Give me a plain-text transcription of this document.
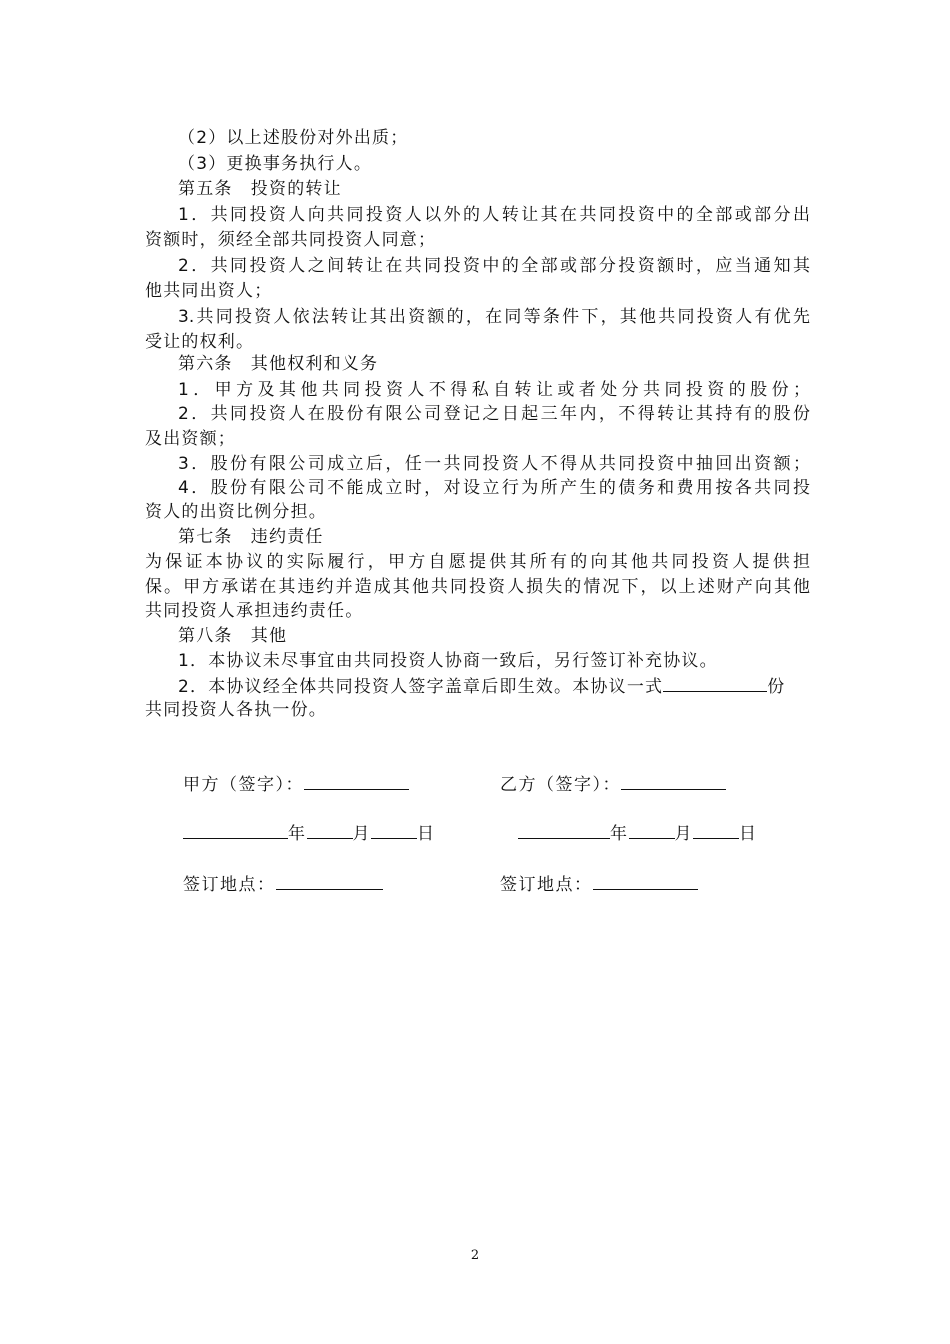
（2）以上述股份对外出质；
（3）更换事务执行人。
第五条　投资的转让
1．共同投资人向共同投资人以外的人转让其在共同投资中的全部或部分出
资额时，须经全部共同投资人同意；
2．共同投资人之间转让在共同投资中的全部或部分投资额时，应当通知其
他共同出资人；
3.共同投资人依法转让其出资额的，在同等条件下，其他共同投资人有优先
受让的权利。
第六条　其他权利和义务
1．甲方及其他共同投资人不得私自转让或者处分共同投资的股份；
2．共同投资人在股份有限公司登记之日起三年内，不得转让其持有的股份
及出资额；
3．股份有限公司成立后，任一共同投资人不得从共同投资中抽回出资额；
4．股份有限公司不能成立时，对设立行为所产生的债务和费用按各共同投
资人的出资比例分担。
第七条　违约责任
为保证本协议的实际履行，甲方自愿提供其所有的向其他共同投资人提供担
保。甲方承诺在其违约并造成其他共同投资人损失的情况下，以上述财产向其他
共同投资人承担违约责任。
第八条　其他
1．本协议未尽事宜由共同投资人协商一致后，另行签订补充协议。
2．本协议经全体共同投资人签字盖章后即生效。本协议一式	份
共同投资人各执一份。
甲方（签字）：	乙方（签字）：
年	月	日	年	月	日
签订地点：	签订地点：
2
